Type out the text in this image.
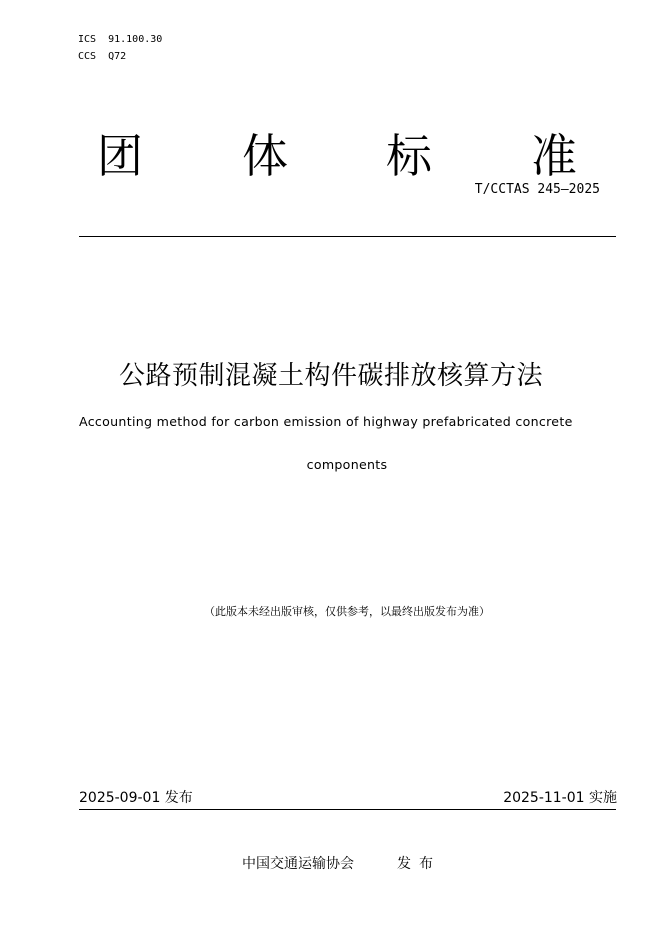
ICS  91.100.30
CCS  Q72
团 体 标 准
T/CCTAS 245—2025
公路预制混凝土构件碳排放核算方法
Accounting method for carbon emission of highway prefabricated concrete
components
（此版本未经出版审核，仅供参考，以最终出版发布为准）
2025-09-01 发布	2025-11-01 实施
中国交通运输协会	发布
